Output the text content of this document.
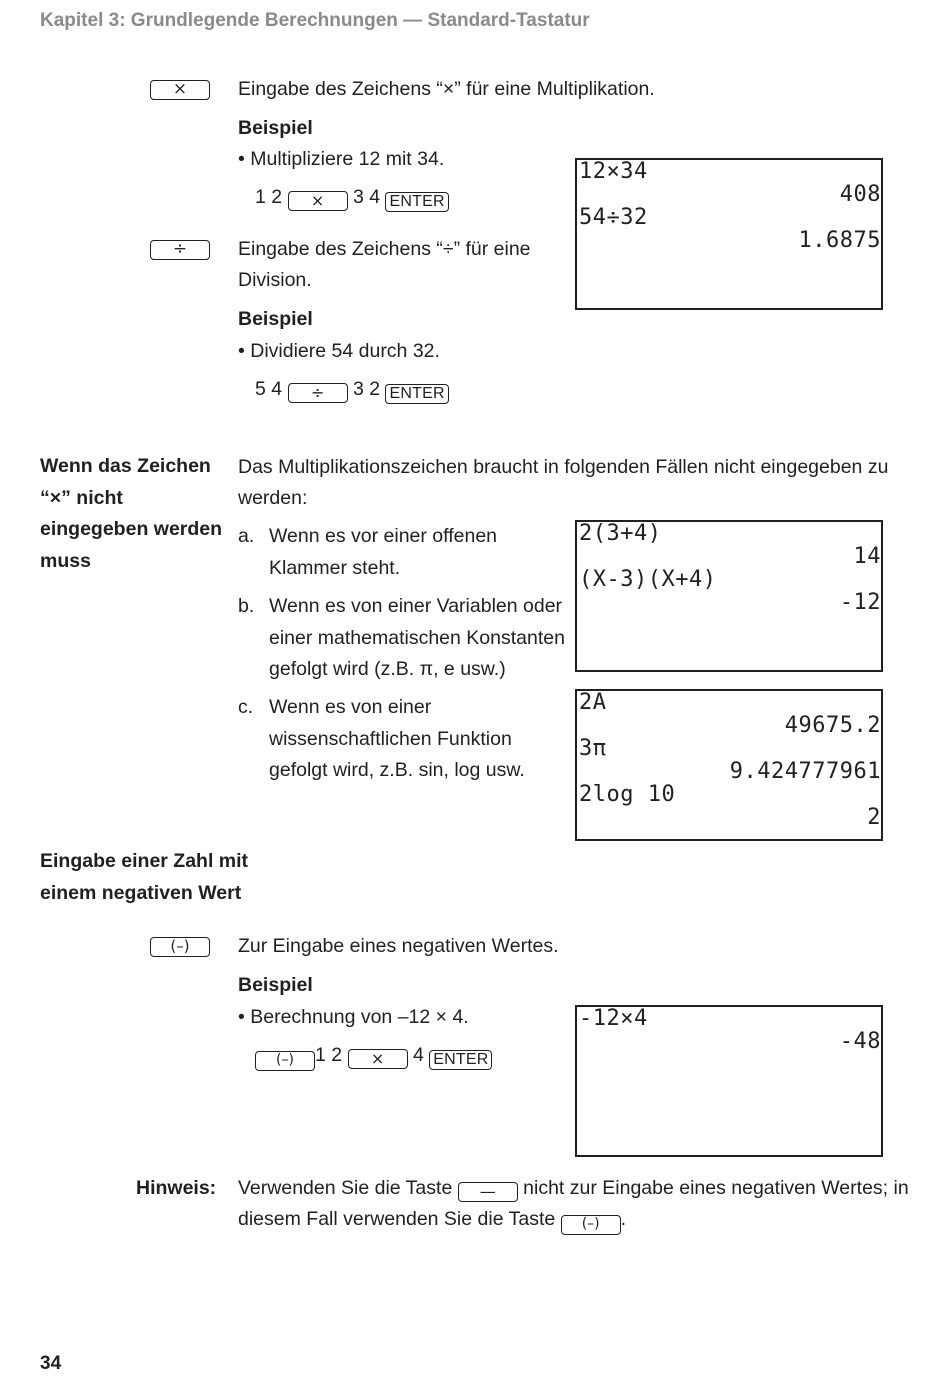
Kapitel 3: Grundlegende Berechnungen — Standard-Tastatur
×	Eingabe des Zeichens “×” für eine Multiplikation.
Beispiel
• Multipliziere 12 mit 34.
1 2 × 3 4 ENTER
÷	Eingabe des Zeichens “÷” für eine
Division.
Beispiel
• Dividiere 54 durch 32.
5 4 ÷ 3 2 ENTER
12×34
408
54÷32
1.6875
Wenn das Zeichen
“×” nicht
eingegeben werden
muss
Das Multiplikationszeichen braucht in folgenden Fällen nicht eingegeben zu
werden:
a. Wenn es vor einer offenen
Klammer steht.
b. Wenn es von einer Variablen oder
einer mathematischen Konstanten
gefolgt wird (z.B. π, e usw.)
c. Wenn es von einer
wissenschaftlichen Funktion
gefolgt wird, z.B. sin, log usw.
2(3+4)
14
(X-3)(X+4)
-12
2A
49675.2
3π
9.424777961
2log 10
2
Eingabe einer Zahl mit
einem negativen Wert
(–)	Zur Eingabe eines negativen Wertes.
Beispiel
• Berechnung von –12 × 4.
(–) 1 2 × 4 ENTER
-12×4
-48
Hinweis: Verwenden Sie die Taste — nicht zur Eingabe eines negativen Wertes; in
diesem Fall verwenden Sie die Taste (–) .
34
